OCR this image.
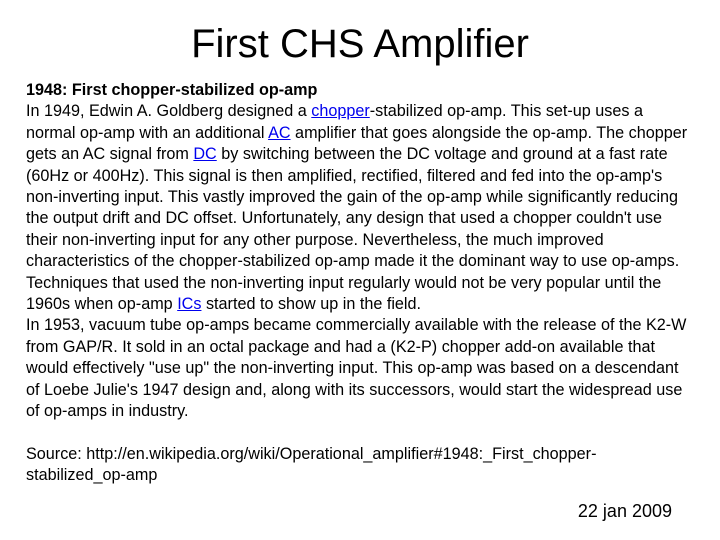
First CHS Amplifier
1948: First chopper-stabilized op-amp
In 1949, Edwin A. Goldberg designed a chopper-stabilized op-amp. This set-up uses a normal op-amp with an additional AC amplifier that goes alongside the op-amp. The chopper gets an AC signal from DC by switching between the DC voltage and ground at a fast rate (60Hz or 400Hz). This signal is then amplified, rectified, filtered and fed into the op-amp's non-inverting input. This vastly improved the gain of the op-amp while significantly reducing the output drift and DC offset. Unfortunately, any design that used a chopper couldn't use their non-inverting input for any other purpose. Nevertheless, the much improved characteristics of the chopper-stabilized op-amp made it the dominant way to use op-amps. Techniques that used the non-inverting input regularly would not be very popular until the 1960s when op-amp ICs started to show up in the field.
In 1953, vacuum tube op-amps became commercially available with the release of the K2-W from GAP/R. It sold in an octal package and had a (K2-P) chopper add-on available that would effectively "use up" the non-inverting input. This op-amp was based on a descendant of Loebe Julie's 1947 design and, along with its successors, would start the widespread use of op-amps in industry.
Source: http://en.wikipedia.org/wiki/Operational_amplifier#1948:_First_chopper-stabilized_op-amp
22 jan 2009
